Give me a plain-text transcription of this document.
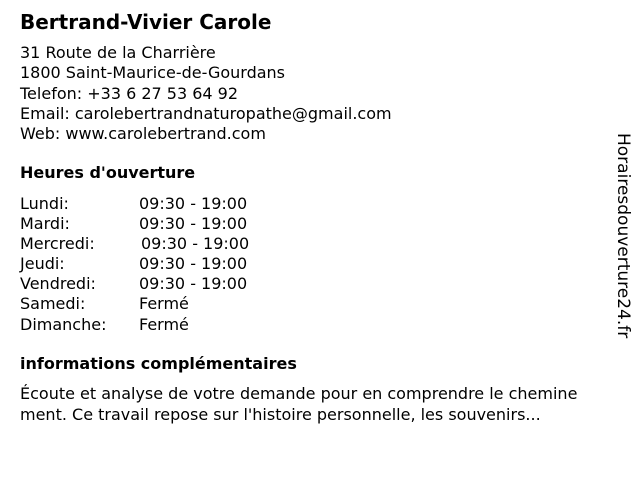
Bertrand-Vivier Carole
31 Route de la Charrière
1800 Saint-Maurice-de-Gourdans
Telefon: +33 6 27 53 64 92
Email: carolebertrandnaturopathe@gmail.com
Web: www.carolebertrand.com
Heures d'ouverture
Lundi:	09:30 - 19:00
Mardi:	09:30 - 19:00
Mercredi:	09:30 - 19:00
Jeudi:	09:30 - 19:00
Vendredi:	09:30 - 19:00
Samedi:	Fermé
Dimanche: Fermé
informations complémentaires
Écoute et analyse de votre demande pour en comprendre le chemine
ment. Ce travail repose sur l'histoire personnelle, les souvenirs...
Horairesdouverture24.fr
